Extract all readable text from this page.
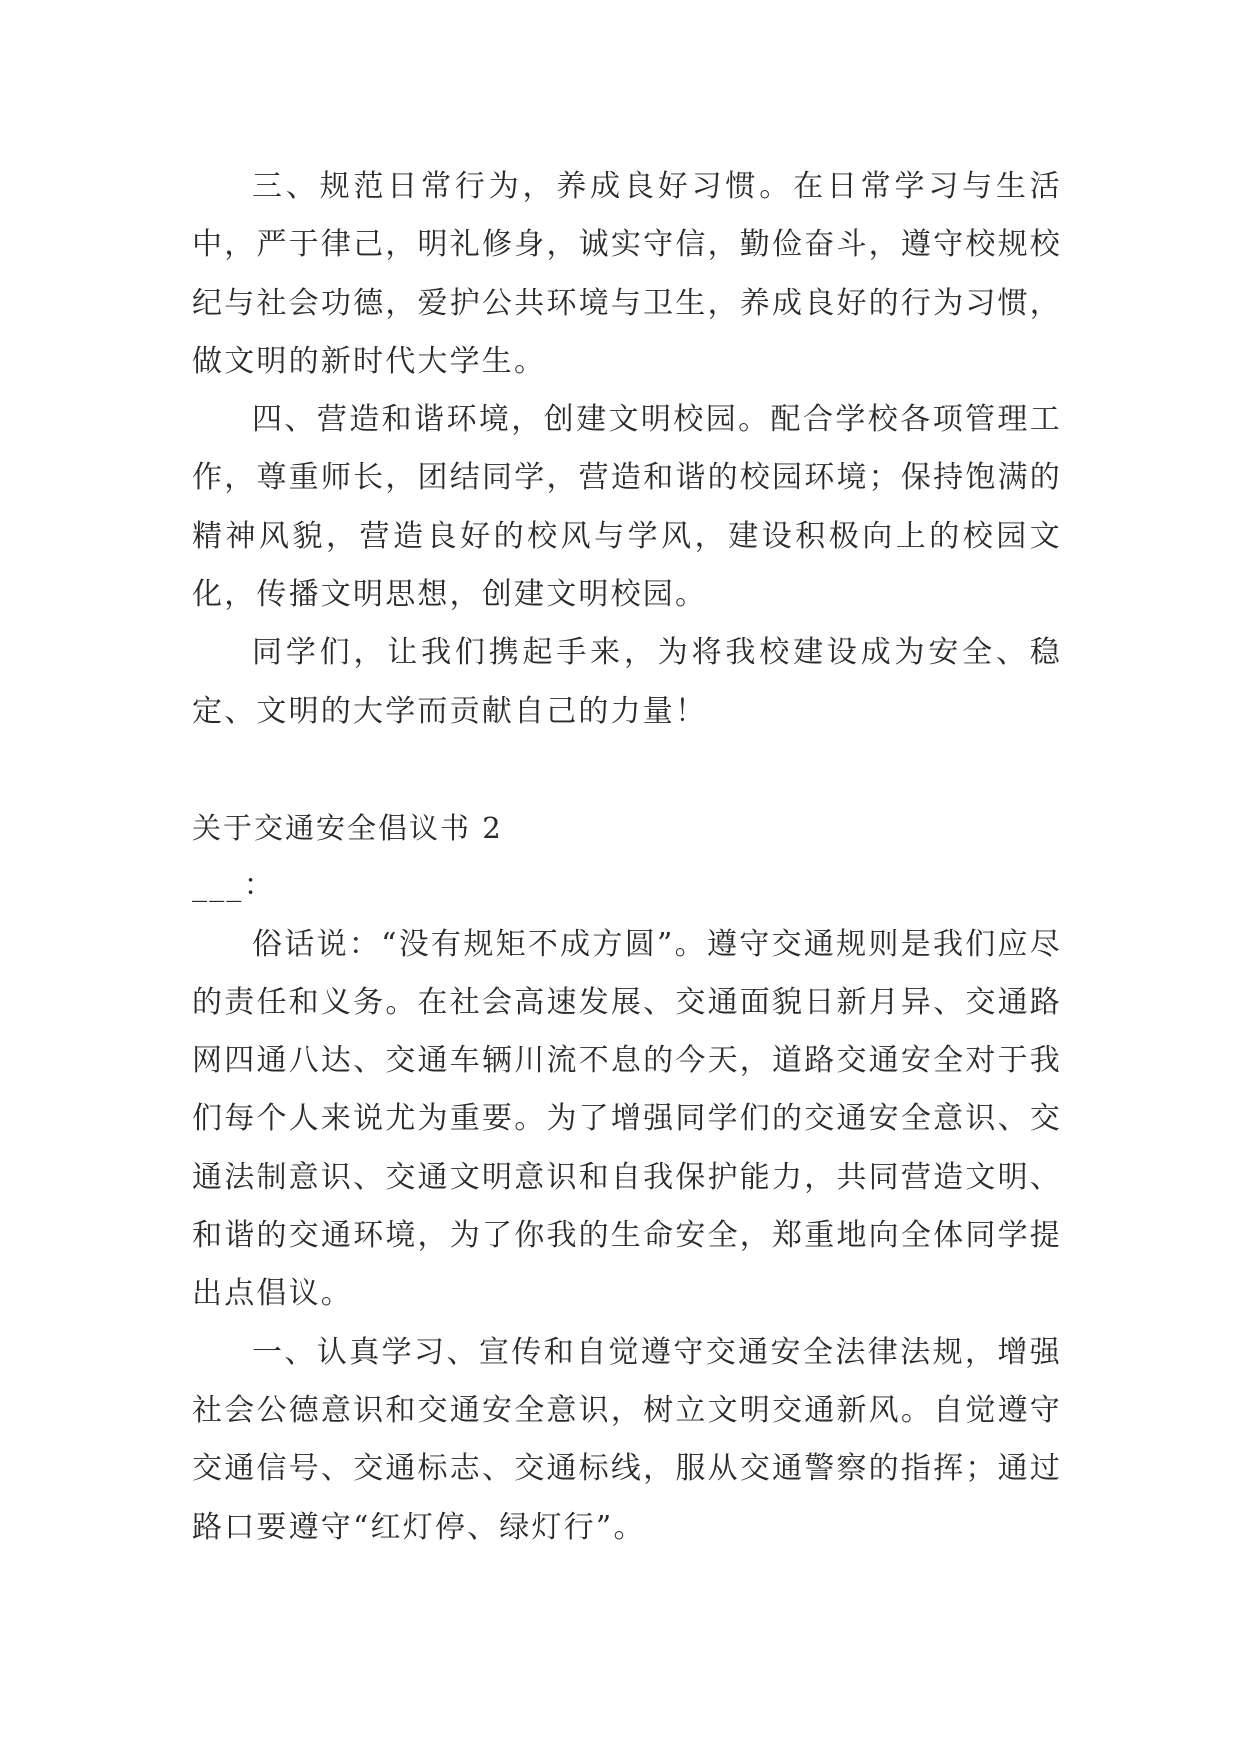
三、规范日常行为，养成良好习惯。在日常学习与生活中，严于律己，明礼修身，诚实守信，勤俭奋斗，遵守校规校纪与社会功德，爱护公共环境与卫生，养成良好的行为习惯，做文明的新时代大学生。

四、营造和谐环境，创建文明校园。配合学校各项管理工作，尊重师长，团结同学，营造和谐的校园环境；保持饱满的精神风貌，营造良好的校风与学风，建设积极向上的校园文化，传播文明思想，创建文明校园。

同学们，让我们携起手来，为将我校建设成为安全、稳定、文明的大学而贡献自己的力量！

关于交通安全倡议书 2

___：

俗话说：“没有规矩不成方圆”。遵守交通规则是我们应尽的责任和义务。在社会高速发展、交通面貌日新月异、交通路网四通八达、交通车辆川流不息的今天，道路交通安全对于我们每个人来说尤为重要。为了增强同学们的交通安全意识、交通法制意识、交通文明意识和自我保护能力，共同营造文明、和谐的交通环境，为了你我的生命安全，郑重地向全体同学提出点倡议。

一、认真学习、宣传和自觉遵守交通安全法律法规，增强社会公德意识和交通安全意识，树立文明交通新风。自觉遵守交通信号、交通标志、交通标线，服从交通警察的指挥；通过路口要遵守“红灯停、绿灯行”。
